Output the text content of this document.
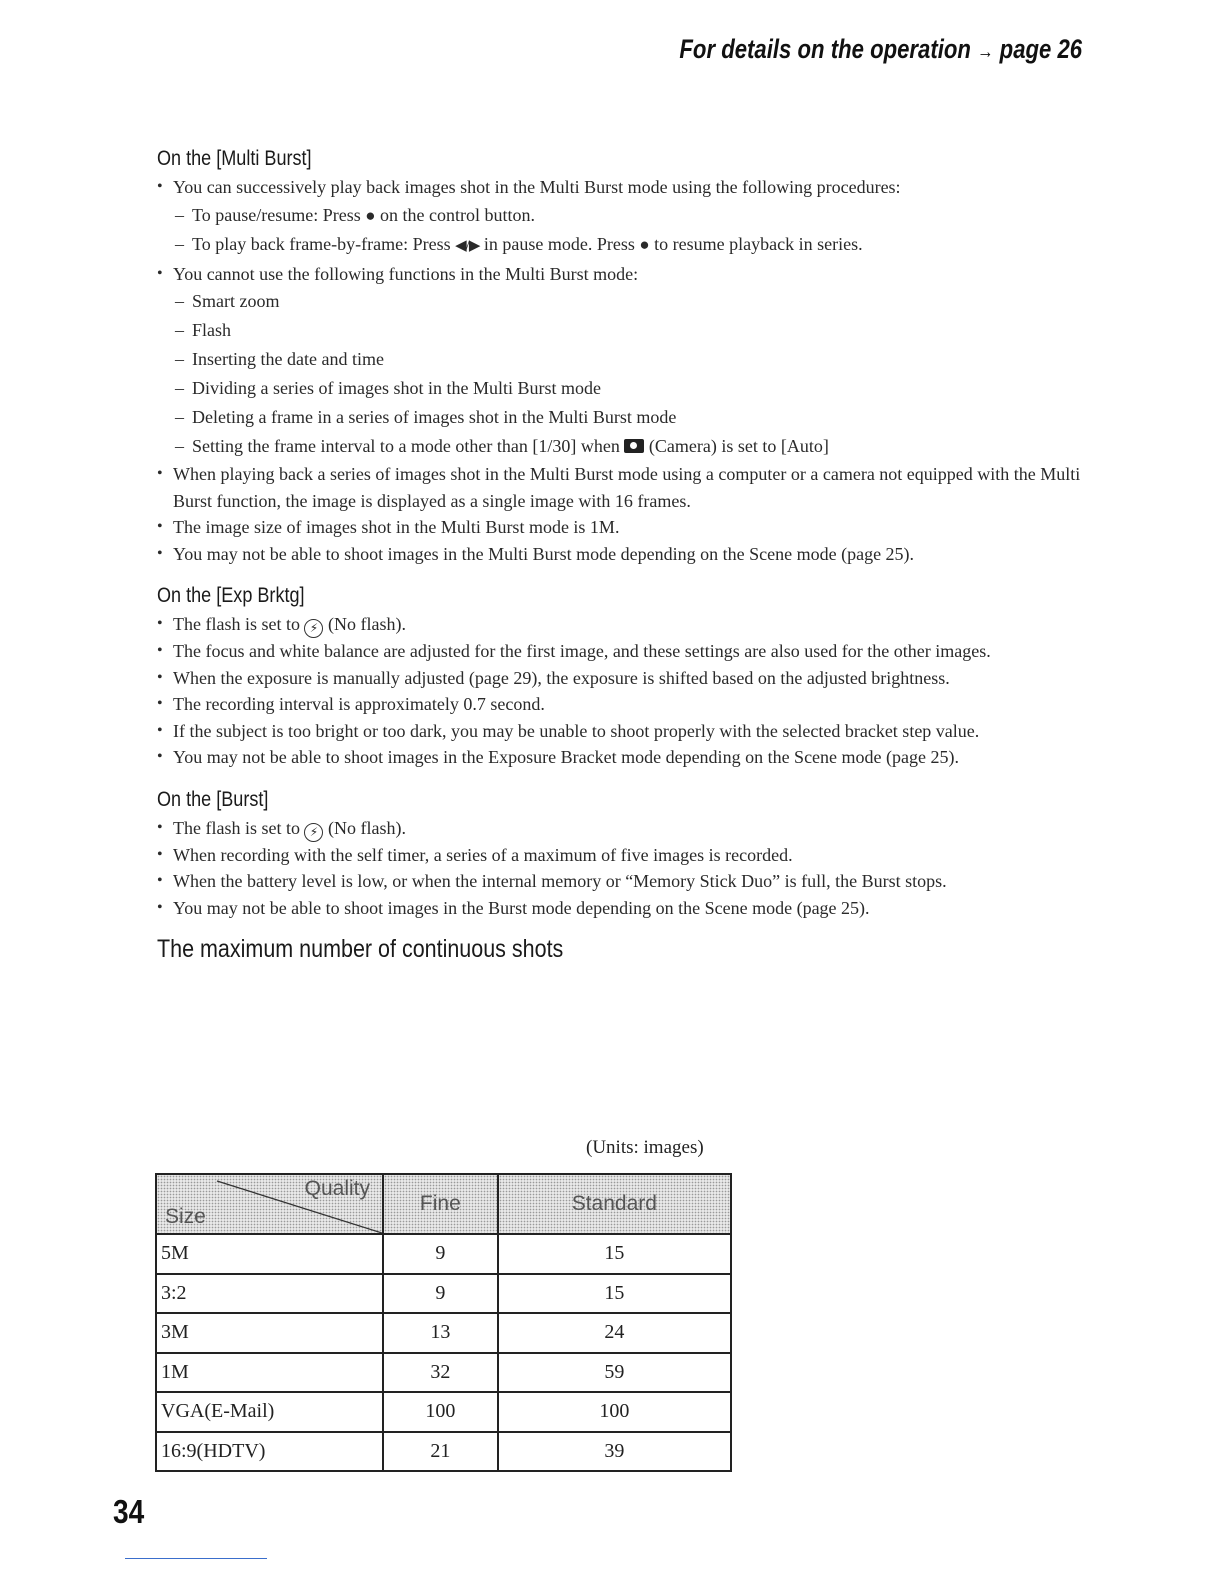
For details on the operation → page 26
On the [Multi Burst]
• You can successively play back images shot in the Multi Burst mode using the following procedures:
– To pause/resume: Press ● on the control button.
– To play back frame-by-frame: Press ◀/▶ in pause mode. Press ● to resume playback in series.
• You cannot use the following functions in the Multi Burst mode:
– Smart zoom
– Flash
– Inserting the date and time
– Dividing a series of images shot in the Multi Burst mode
– Deleting a frame in a series of images shot in the Multi Burst mode
– Setting the frame interval to a mode other than [1/30] when  (Camera) is set to [Auto]
• When playing back a series of images shot in the Multi Burst mode using a computer or a camera not equipped with the Multi Burst function, the image is displayed as a single image with 16 frames.
• The image size of images shot in the Multi Burst mode is 1M.
• You may not be able to shoot images in the Multi Burst mode depending on the Scene mode (page 25).
On the [Exp Brktg]
• The flash is set to ⚡ (No flash).
• The focus and white balance are adjusted for the first image, and these settings are also used for the other images.
• When the exposure is manually adjusted (page 29), the exposure is shifted based on the adjusted brightness.
• The recording interval is approximately 0.7 second.
• If the subject is too bright or too dark, you may be unable to shoot properly with the selected bracket step value.
• You may not be able to shoot images in the Exposure Bracket mode depending on the Scene mode (page 25).
On the [Burst]
• The flash is set to ⚡ (No flash).
• When recording with the self timer, a series of a maximum of five images is recorded.
• When the battery level is low, or when the internal memory or “Memory Stick Duo” is full, the Burst stops.
• You may not be able to shoot images in the Burst mode depending on the Scene mode (page 25).
The maximum number of continuous shots
(Units: images)
Quality
Size	Fine	Standard
5M	9	15
3:2	9	15
3M	13	24
1M	32	59
VGA(E-Mail)	100	100
16:9(HDTV)	21	39
34
